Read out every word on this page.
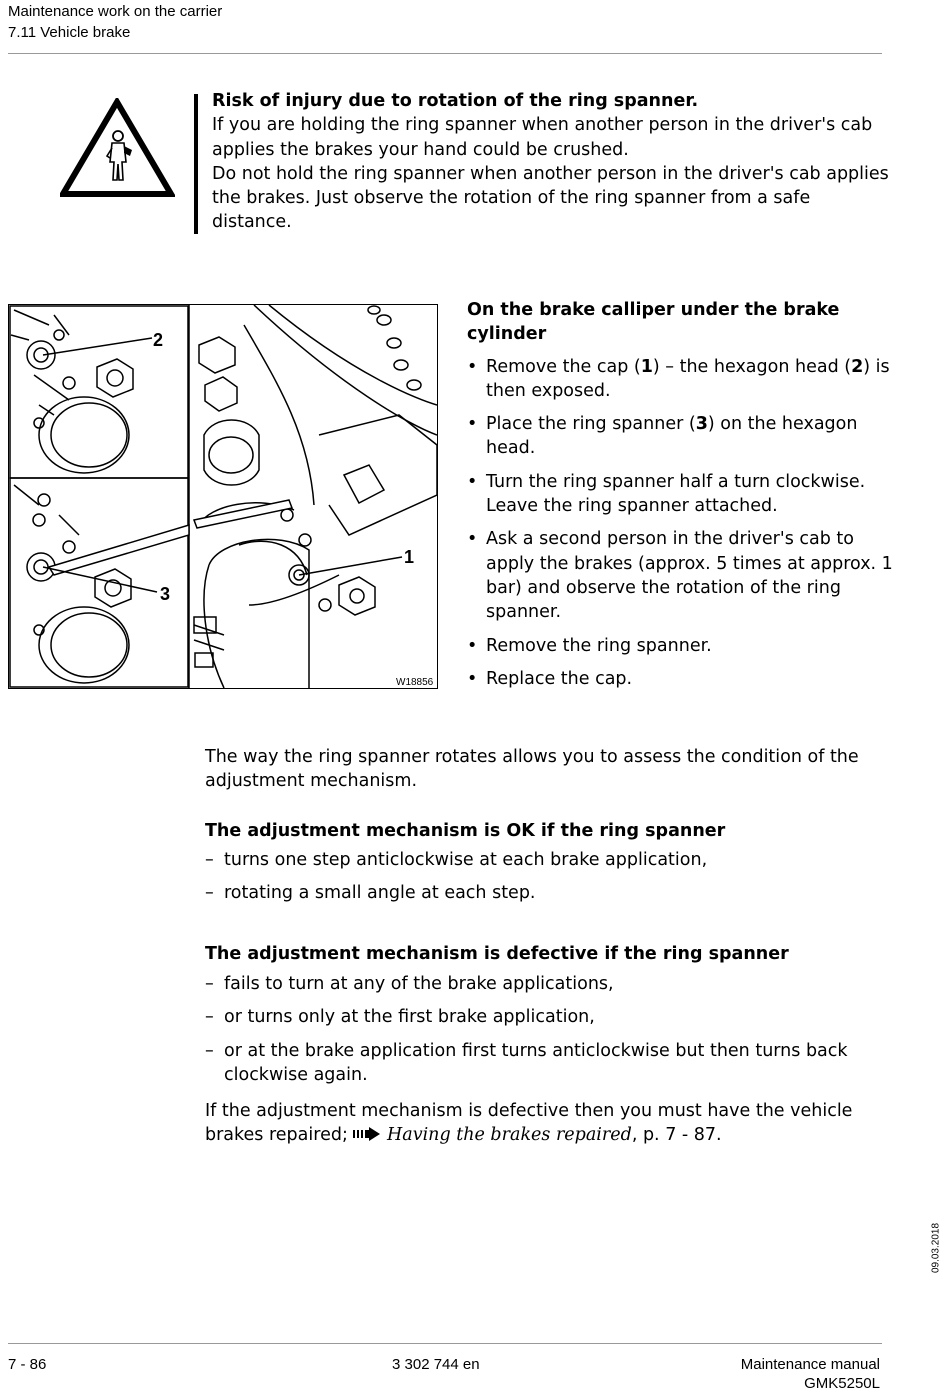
Maintenance work on the carrier
7.11 Vehicle brake
Risk of injury due to rotation of the ring spanner.
If you are holding the ring spanner when another person in the driver's cab applies the brakes your hand could be crushed.
Do not hold the ring spanner when another person in the driver's cab applies the brakes. Just observe the rotation of the ring spanner from a safe distance.
2
1
3
W18856
On the brake calliper under the brake cylinder
• Remove the cap (1) – the hexagon head (2) is then exposed.
• Place the ring spanner (3) on the hexagon head.
• Turn the ring spanner half a turn clockwise. Leave the ring spanner attached.
• Ask a second person in the driver's cab to apply the brakes (approx. 5 times at approx. 1 bar) and observe the rotation of the ring spanner.
• Remove the ring spanner.
• Replace the cap.
The way the ring spanner rotates allows you to assess the condition of the adjustment mechanism.
The adjustment mechanism is OK if the ring spanner
– turns one step anticlockwise at each brake application,
– rotating a small angle at each step.
The adjustment mechanism is defective if the ring spanner
– fails to turn at any of the brake applications,
– or turns only at the first brake application,
– or at the brake application first turns anticlockwise but then turns back clockwise again.
If the adjustment mechanism is defective then you must have the vehicle brakes repaired; Having the brakes repaired, p. 7 - 87.
09.03.2018
7 - 86	3 302 744 en	Maintenance manual
GMK5250L
